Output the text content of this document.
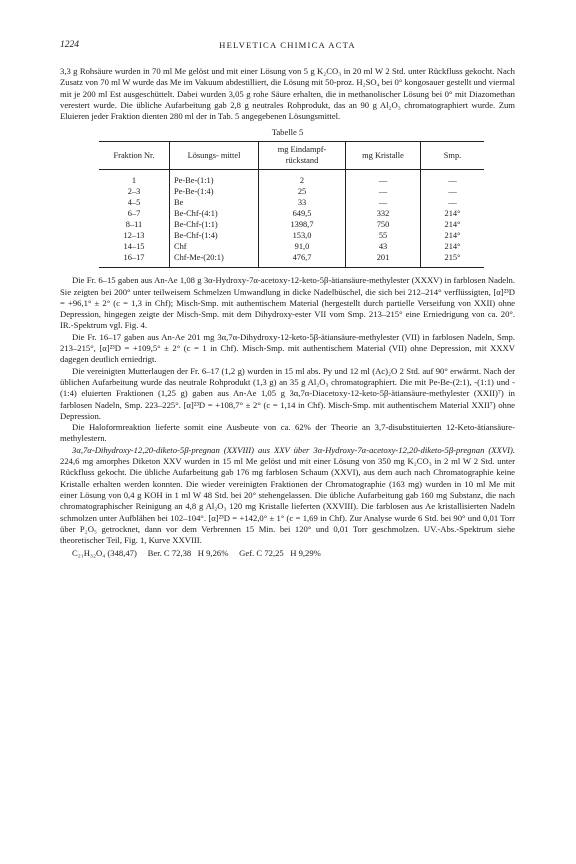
1224	HELVETICA CHIMICA ACTA

3,3 g Rohsäure wurden in 70 ml Me gelöst und mit einer Lösung von 5 g K₂CO₃ in 20 ml W 2 Std. unter Rückfluss gekocht. Nach Zusatz von 70 ml W wurde das Me im Vakuum abdestilliert, die Lösung mit 50-proz. H₂SO₄ bei 0° kongosauer gestellt und viermal mit je 200 ml Est ausgeschüttelt. Dabei wurden 3,05 g rohe Säure erhalten, die in methanolischer Lösung bei 0° mit Diazomethan verestert wurde. Die übliche Aufarbeitung gab 2,8 g neutrales Rohprodukt, das an 90 g Al₂O₃ chromatographiert wurde. Zum Eluieren jeder Fraktion dienten 280 ml der in Tab. 5 angegebenen Lösungsmittel.

Tabelle 5
Fraktion Nr.	Lösungs- mittel	mg Eindampf- rückstand	mg Kristalle	Smp.
1	Pe-Be-(1:1)	2	—	—
2–3	Pe-Be-(1:4)	25	—	—
4–5	Be	33	—	—
6–7	Be-Chf-(4:1)	649,5	332	214°
8–11	Be-Chf-(1:1)	1398,7	750	214°
12–13	Be-Chf-(1:4)	153,0	55	214°
14–15	Chf	91,0	43	214°
16–17	Chf-Me-(20:1)	476,7	201	215°

Die Fr. 6–15 gaben aus An-Ae 1,08 g 3α-Hydroxy-7α-acetoxy-12-keto-5β-ätiansäure-methylester (XXXV) in farblosen Nadeln. Sie zeigten bei 200° unter teilweisem Schmelzen Umwandlung in dicke Nadelbüschel, die sich bei 212–214° verflüssigten, [α]²³D = +96,1° ± 2° (c = 1,3 in Chf); Misch-Smp. mit authentischem Material (hergestellt durch partielle Verseifung von XXII) ohne Depression, hingegen zeigte der Misch-Smp. mit dem Dihydroxy-ester VII vom Smp. 213–215° eine Erniedrigung von ca. 20°. IR.-Spektrum vgl. Fig. 4.

Die Fr. 16–17 gaben aus An-Ae 201 mg 3α,7α-Dihydroxy-12-keto-5β-ätiansäure-methylester (VII) in farblosen Nadeln, Smp. 213–215°, [α]²³D = +109,5° ± 2° (c = 1 in Chf). Misch-Smp. mit authentischem Material (VII) ohne Depression, mit XXXV dagegen deutlich erniedrigt.

Die vereinigten Mutterlaugen der Fr. 6–17 (1,2 g) wurden in 15 ml abs. Py und 12 ml (Ac)₂O 2 Std. auf 90° erwärmt. Nach der üblichen Aufarbeitung wurde das neutrale Rohprodukt (1,3 g) an 35 g Al₂O₃ chromatographiert. Die mit Pe-Be-(2:1), -(1:1) und -(1:4) eluierten Fraktionen (1,25 g) gaben aus An-Ae 1,05 g 3α,7α-Diacetoxy-12-keto-5β-ätiansäure-methylester (XXII)⁷) in farblosen Nadeln, Smp. 223–225°. [α]²³D = +108,7° ± 2° (c = 1,14 in Chf). Misch-Smp. mit authentischem Material XXII⁷) ohne Depression.

Die Haloformreaktion lieferte somit eine Ausbeute von ca. 62% der Theorie an 3,7-disubstituierten 12-Keto-ätiansäure-methylestern.

3α,7α-Dihydroxy-12,20-diketo-5β-pregnan (XXVIII) aus XXV über 3α-Hydroxy-7α-acetoxy-12,20-diketo-5β-pregnan (XXVI). 224,6 mg amorphes Diketon XXV wurden in 15 ml Me gelöst und mit einer Lösung von 350 mg K₂CO₃ in 2 ml W 2 Std. unter Rückfluss gekocht. Die übliche Aufarbeitung gab 176 mg farblosen Schaum (XXVI), aus dem auch nach Chromatographie keine Kristalle erhalten werden konnten. Die wieder vereinigten Fraktionen der Chromatographie (163 mg) wurden in 10 ml Me mit einer Lösung von 0,4 g KOH in 1 ml W 48 Std. bei 20° stehengelassen. Die übliche Aufarbeitung gab 160 mg Substanz, die nach chromatographischer Reinigung an 4,8 g Al₂O₃ 120 mg Kristalle lieferten (XXVIII). Die farblosen aus Ae kristallisierten Nadeln schmolzen unter Aufblähen bei 102–104°. [α]²³D = +142,0° ± 1° (c = 1,69 in Chf). Zur Analyse wurde 6 Std. bei 90° und 0,01 Torr über P₂O₅ getrocknet, dann vor dem Verbrennen 15 Min. bei 120° und 0,01 Torr geschmolzen. UV.-Abs.-Spektrum siehe theoretischer Teil, Fig. 1, Kurve XXVIII.

C₂₁H₃₂O₄ (348,47)     Ber. C 72,38   H 9,26%     Gef. C 72,25   H 9,29%
